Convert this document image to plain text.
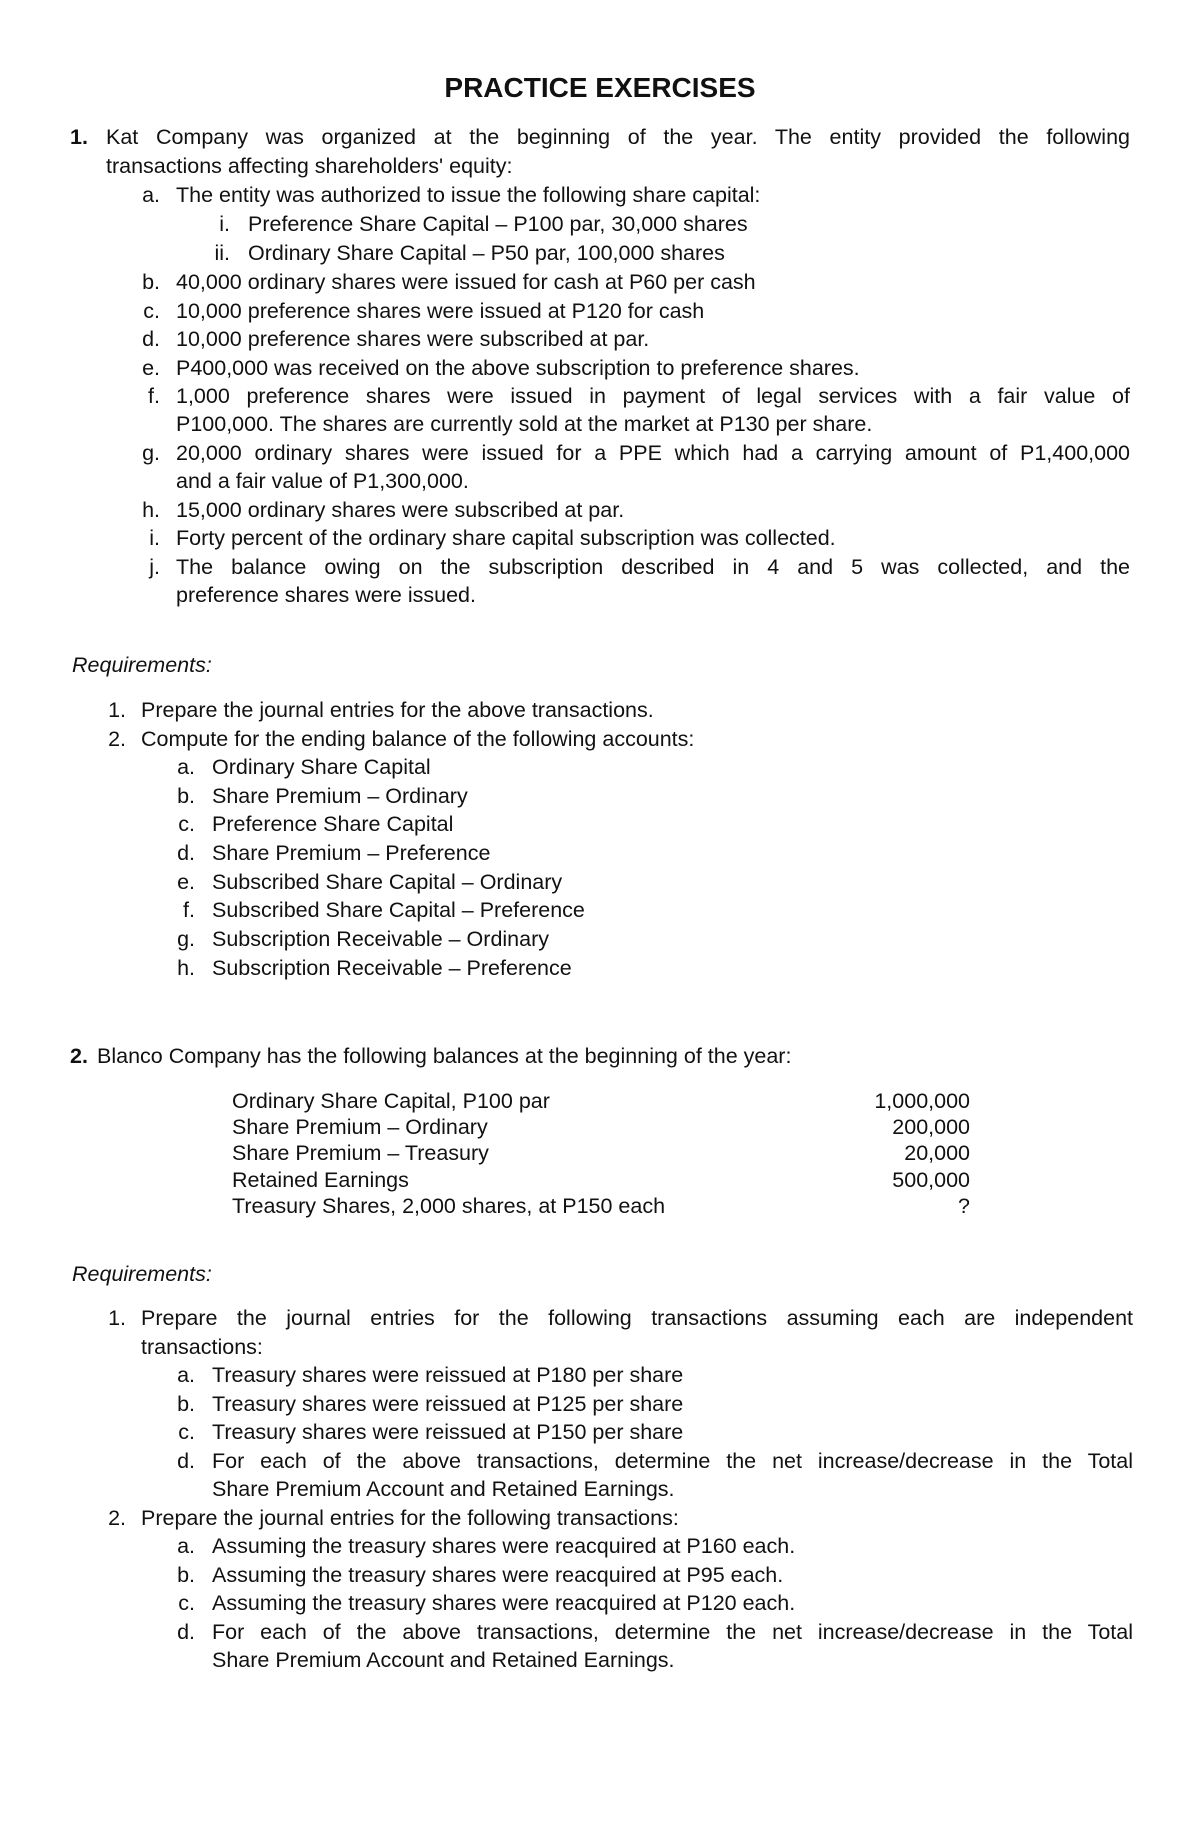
PRACTICE EXERCISES
1. Kat Company was organized at the beginning of the year. The entity provided the following
transactions affecting shareholders' equity:
a. The entity was authorized to issue the following share capital:
i. Preference Share Capital – P100 par, 30,000 shares
ii. Ordinary Share Capital – P50 par, 100,000 shares
b. 40,000 ordinary shares were issued for cash at P60 per cash
c. 10,000 preference shares were issued at P120 for cash
d. 10,000 preference shares were subscribed at par.
e. P400,000 was received on the above subscription to preference shares.
f. 1,000 preference shares were issued in payment of legal services with a fair value of
P100,000. The shares are currently sold at the market at P130 per share.
g. 20,000 ordinary shares were issued for a PPE which had a carrying amount of P1,400,000
and a fair value of P1,300,000.
h. 15,000 ordinary shares were subscribed at par.
i. Forty percent of the ordinary share capital subscription was collected.
j. The balance owing on the subscription described in 4 and 5 was collected, and the
preference shares were issued.
Requirements:
1. Prepare the journal entries for the above transactions.
2. Compute for the ending balance of the following accounts:
a. Ordinary Share Capital
b. Share Premium – Ordinary
c. Preference Share Capital
d. Share Premium – Preference
e. Subscribed Share Capital – Ordinary
f. Subscribed Share Capital – Preference
g. Subscription Receivable – Ordinary
h. Subscription Receivable – Preference
2. Blanco Company has the following balances at the beginning of the year:
Ordinary Share Capital, P100 par	1,000,000
Share Premium – Ordinary	200,000
Share Premium – Treasury	20,000
Retained Earnings	500,000
Treasury Shares, 2,000 shares, at P150 each	?
Requirements:
1. Prepare the journal entries for the following transactions assuming each are independent
transactions:
a. Treasury shares were reissued at P180 per share
b. Treasury shares were reissued at P125 per share
c. Treasury shares were reissued at P150 per share
d. For each of the above transactions, determine the net increase/decrease in the Total
Share Premium Account and Retained Earnings.
2. Prepare the journal entries for the following transactions:
a. Assuming the treasury shares were reacquired at P160 each.
b. Assuming the treasury shares were reacquired at P95 each.
c. Assuming the treasury shares were reacquired at P120 each.
d. For each of the above transactions, determine the net increase/decrease in the Total
Share Premium Account and Retained Earnings.
